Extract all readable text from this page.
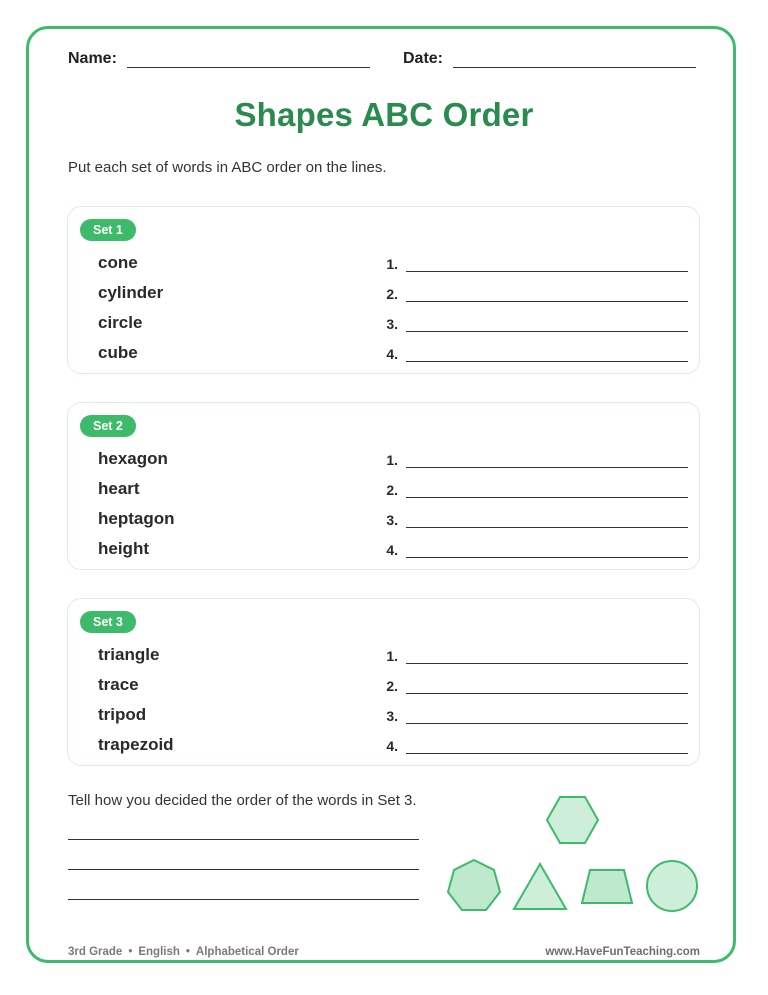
Name:	Date:
Shapes ABC Order
Put each set of words in ABC order on the lines.
Set 1
cone
cylinder
circle
cube
1.
2.
3.
4.
Set 2
hexagon
heart
heptagon
height
1.
2.
3.
4.
Set 3
triangle
trace
tripod
trapezoid
1.
2.
3.
4.
Tell how you decided the order of the words in Set 3.
3rd Grade • English • Alphabetical Order	www.HaveFunTeaching.com
